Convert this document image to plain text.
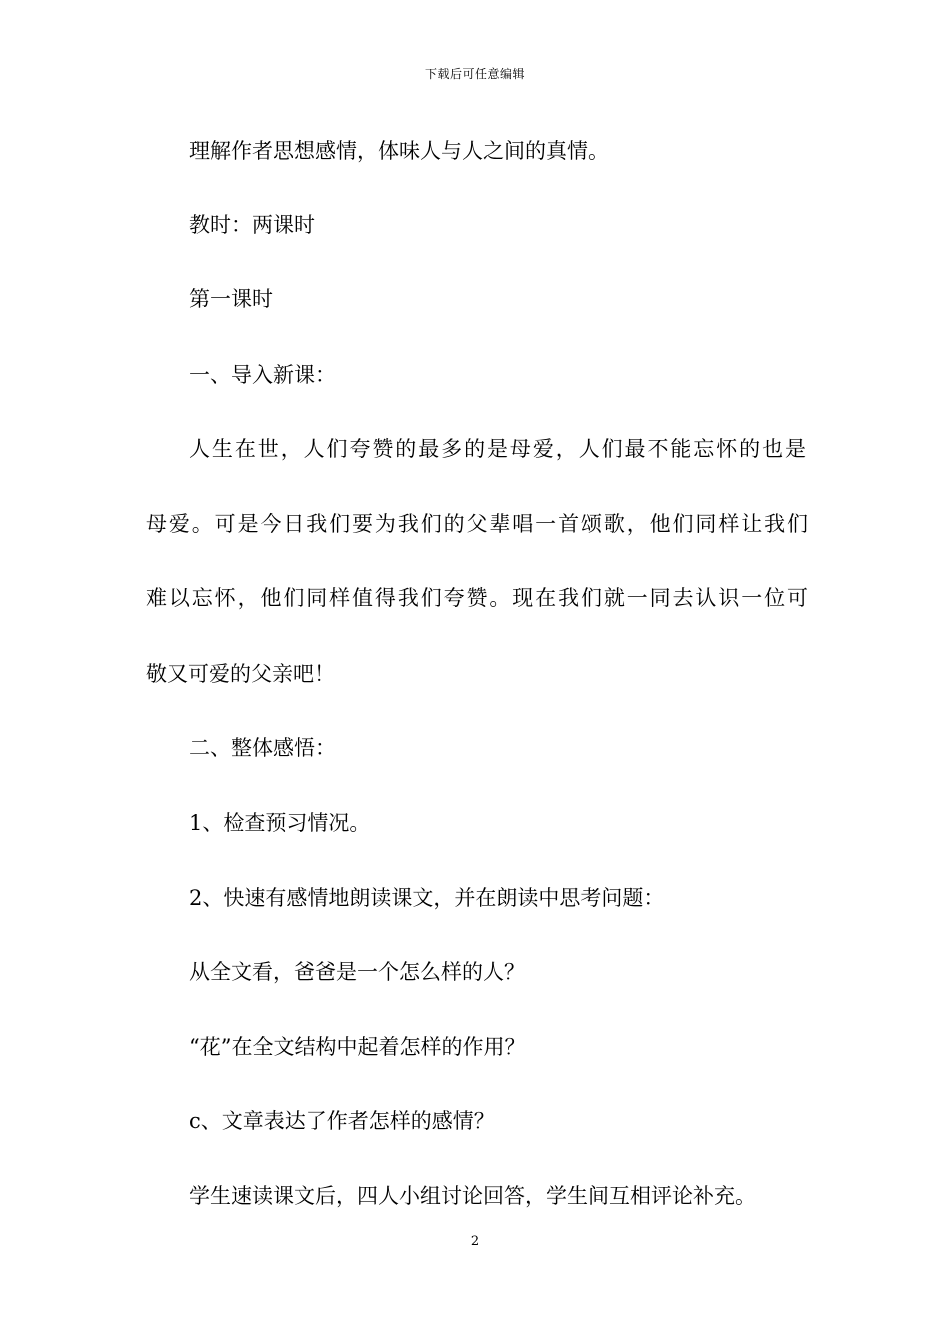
下载后可任意编辑
理解作者思想感情，体味人与人之间的真情。
教时：两课时
第一课时
一、导入新课：
人生在世，人们夸赞的最多的是母爱，人们最不能忘怀的也是
母爱。可是今日我们要为我们的父辈唱一首颂歌，他们同样让我们
难以忘怀，他们同样值得我们夸赞。现在我们就一同去认识一位可
敬又可爱的父亲吧！
二、整体感悟：
1、检查预习情况。
2、快速有感情地朗读课文，并在朗读中思考问题：
从全文看，爸爸是一个怎么样的人？
“花”在全文结构中起着怎样的作用？
c、文章表达了作者怎样的感情？
学生速读课文后，四人小组讨论回答，学生间互相评论补充。
2
